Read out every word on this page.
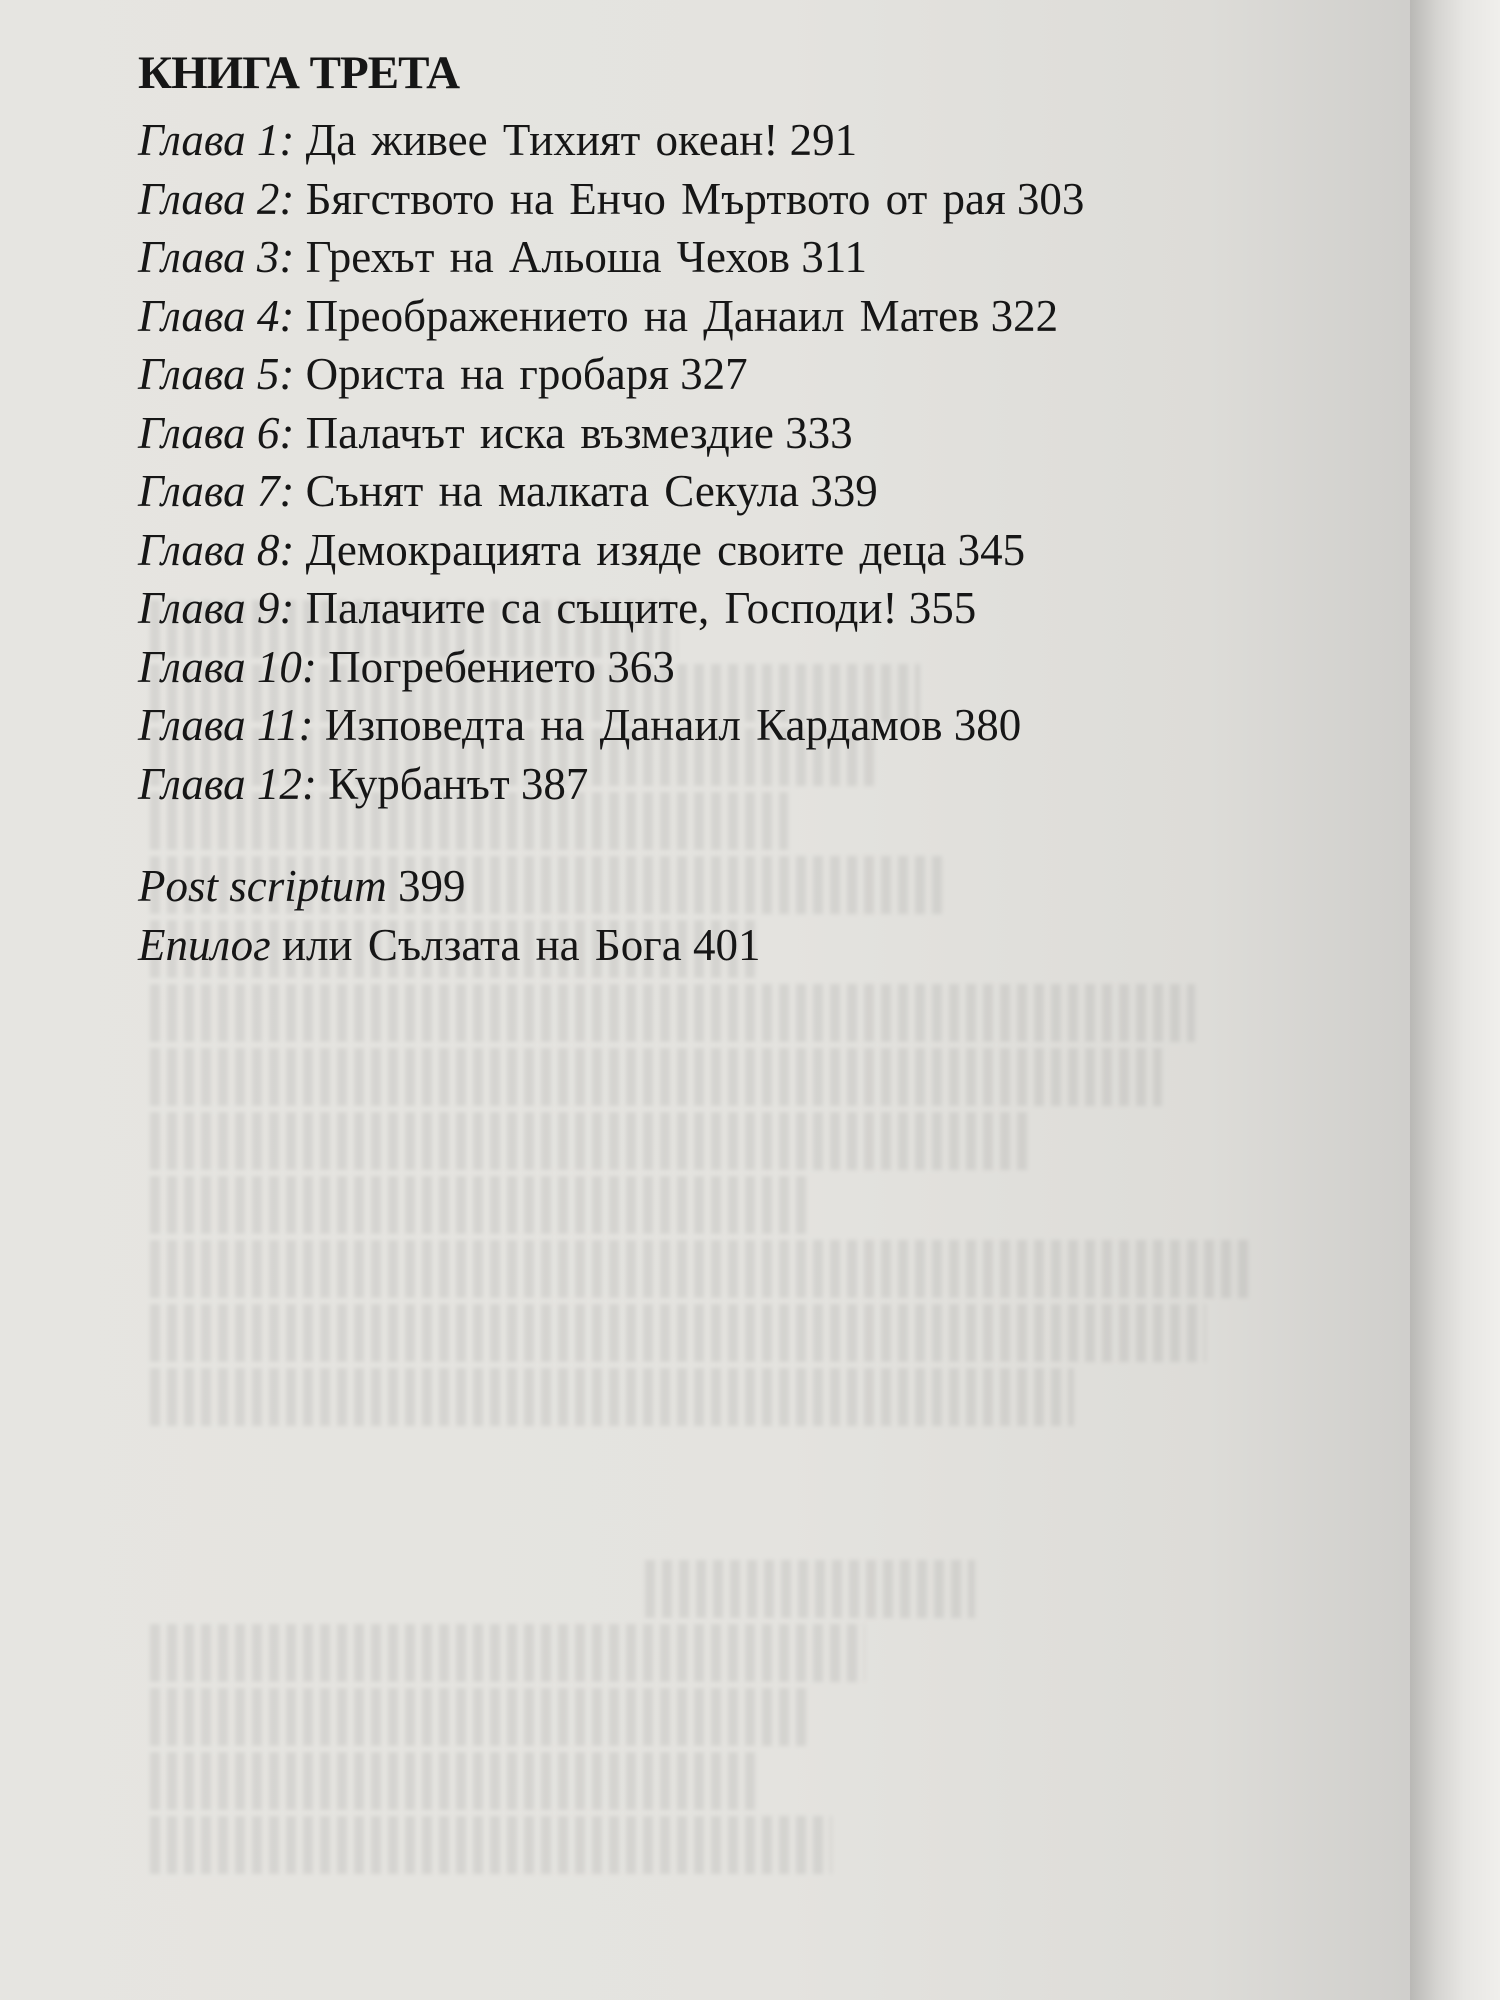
КНИГА ТРЕТА
Глава 1: Да живее Тихият океан! 291
Глава 2: Бягството на Енчо Мъртвото от рая 303
Глава 3: Грехът на Альоша Чехов 311
Глава 4: Преображението на Данаил Матев 322
Глава 5: Ориста на гробаря 327
Глава 6: Палачът иска възмездие 333
Глава 7: Сънят на малката Секула 339
Глава 8: Демокрацията изяде своите деца 345
Глава 9: Палачите са същите, Господи! 355
Глава 10: Погребението 363
Глава 11: Изповедта на Данаил Кардамов 380
Глава 12: Курбанът 387
Post scriptum 399
Епилог или Сълзата на Бога 401
